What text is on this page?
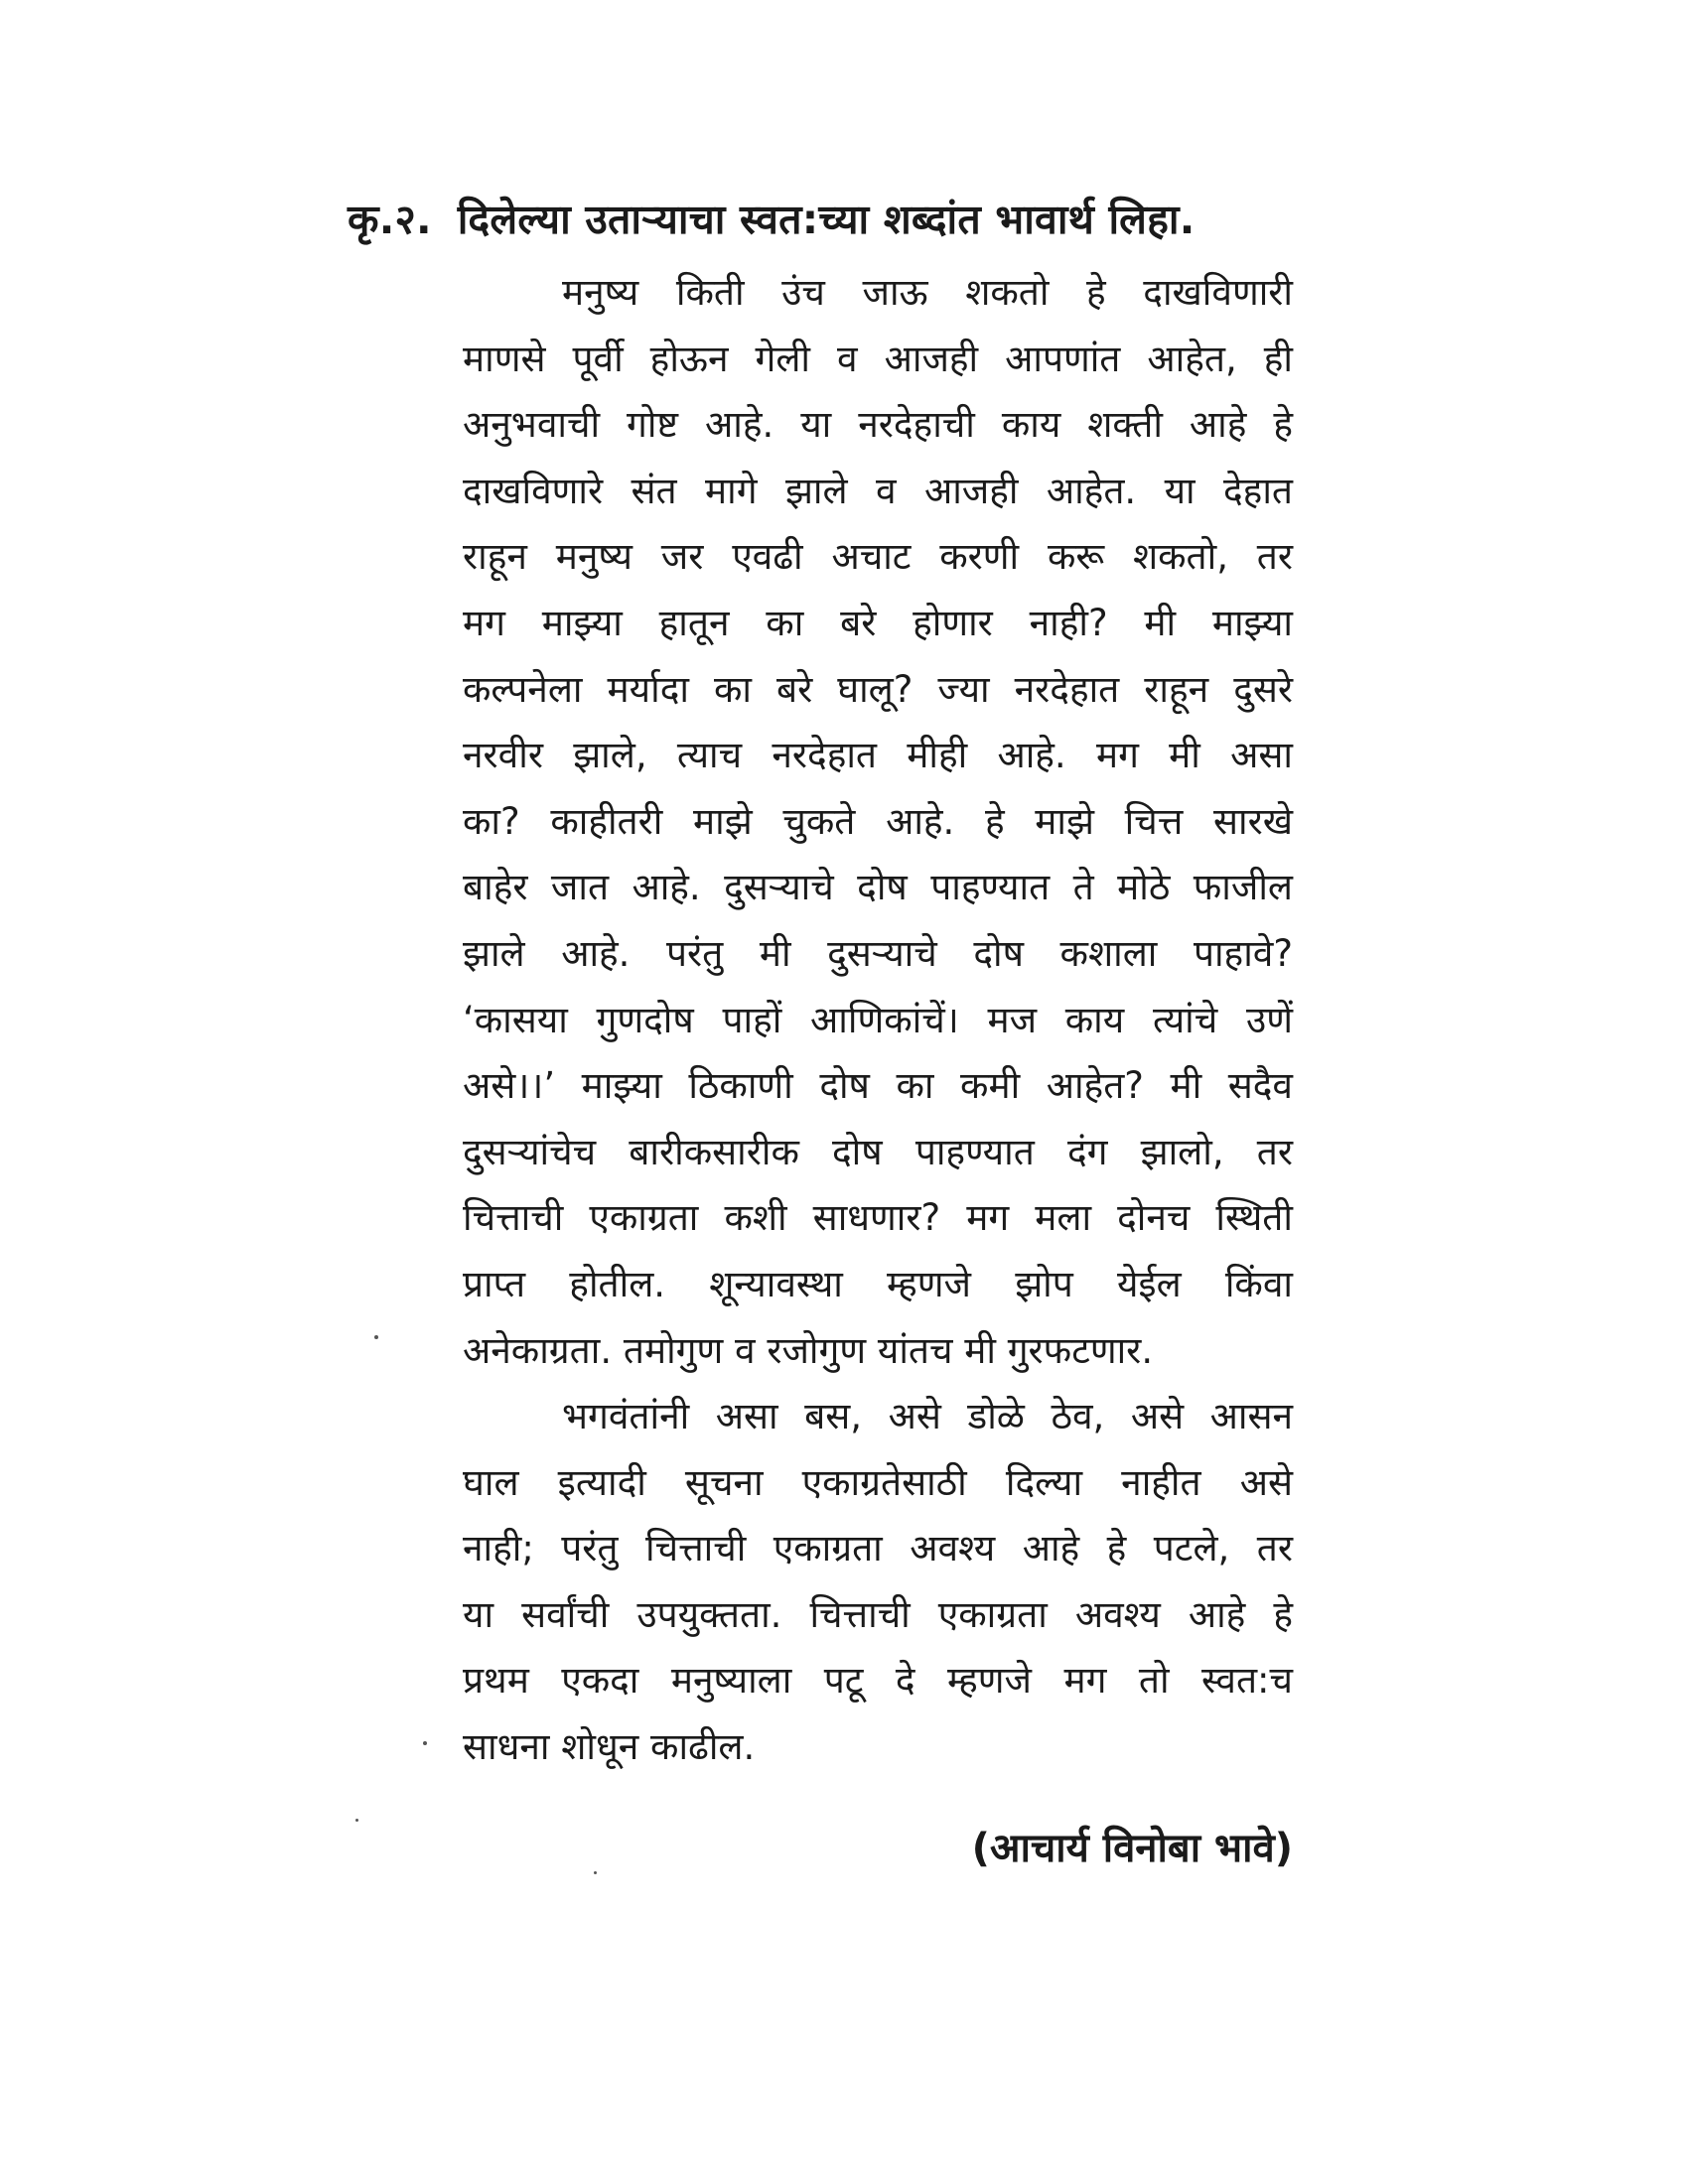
कृ.२. दिलेल्या उताऱ्याचा स्वत:च्या शब्दांत भावार्थ लिहा.

मनुष्य किती उंच जाऊ शकतो हे दाखविणारी
माणसे पूर्वी होऊन गेली व आजही आपणांत आहेत, ही
अनुभवाची गोष्ट आहे. या नरदेहाची काय शक्ती आहे हे
दाखविणारे संत मागे झाले व आजही आहेत. या देहात
राहून मनुष्य जर एवढी अचाट करणी करू शकतो, तर
मग माझ्या हातून का बरे होणार नाही? मी माझ्या
कल्पनेला मर्यादा का बरे घालू? ज्या नरदेहात राहून दुसरे
नरवीर झाले, त्याच नरदेहात मीही आहे. मग मी असा
का? काहीतरी माझे चुकते आहे. हे माझे चित्त सारखे
बाहेर जात आहे. दुसऱ्याचे दोष पाहण्यात ते मोठे फाजील
झाले आहे. परंतु मी दुसऱ्याचे दोष कशाला पाहावे?
‘कासया गुणदोष पाहों आणिकांचें। मज काय त्यांचे उणें
असे।।’ माझ्या ठिकाणी दोष का कमी आहेत? मी सदैव
दुसऱ्यांचेच बारीकसारीक दोष पाहण्यात दंग झालो, तर
चित्ताची एकाग्रता कशी साधणार? मग मला दोनच स्थिती
प्राप्त होतील. शून्यावस्था म्हणजे झोप येईल किंवा
अनेकाग्रता. तमोगुण व रजोगुण यांतच मी गुरफटणार.

भगवंतांनी असा बस, असे डोळे ठेव, असे आसन
घाल इत्यादी सूचना एकाग्रतेसाठी दिल्या नाहीत असे
नाही; परंतु चित्ताची एकाग्रता अवश्य आहे हे पटले, तर
या सर्वांची उपयुक्तता. चित्ताची एकाग्रता अवश्य आहे हे
प्रथम एकदा मनुष्याला पटू दे म्हणजे मग तो स्वत:च
साधना शोधून काढील.

(आचार्य विनोबा भावे)
